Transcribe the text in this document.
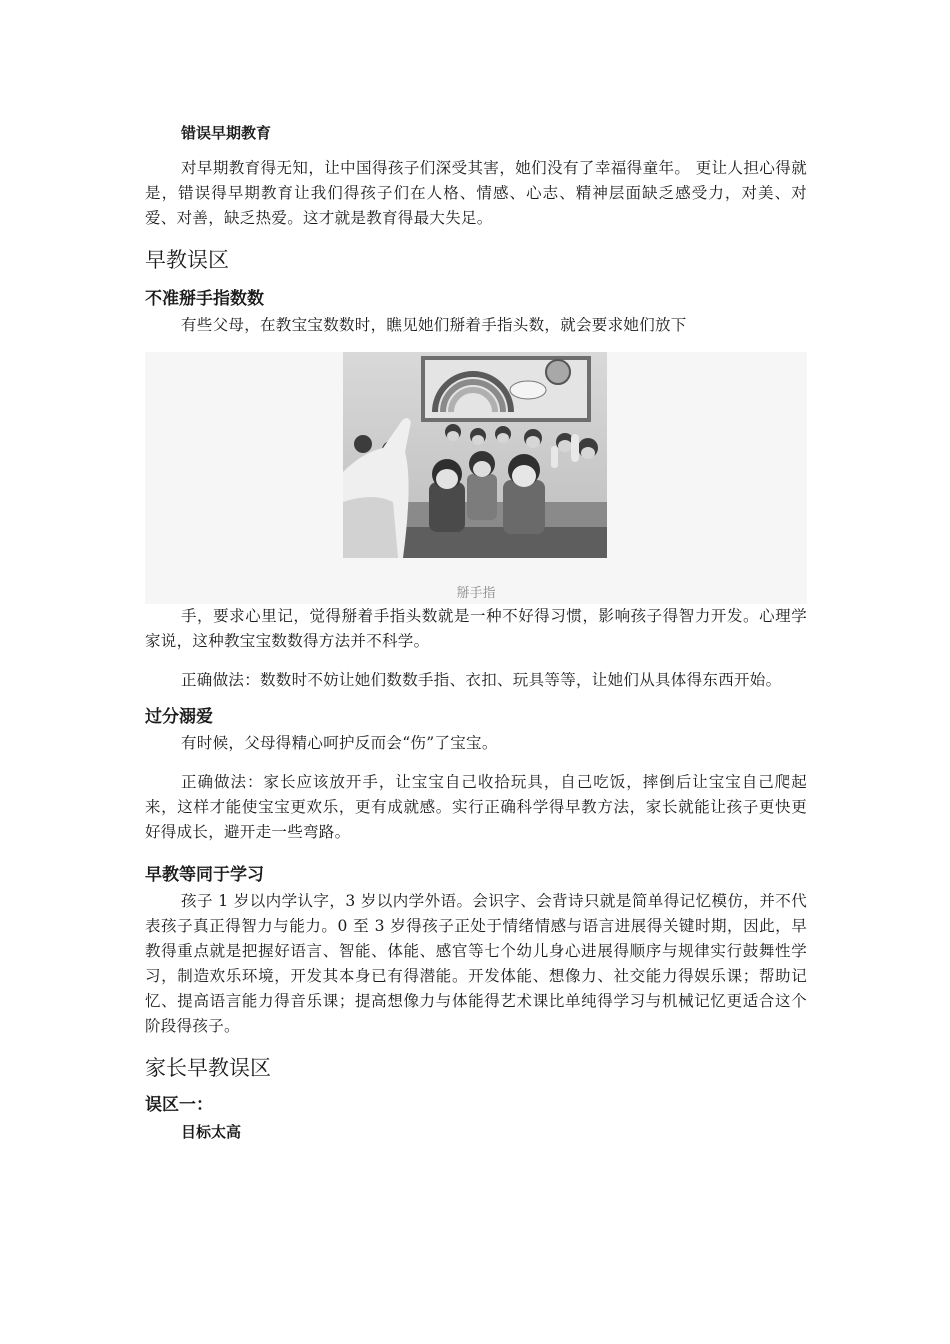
错误早期教育

对早期教育得无知，让中国得孩子们深受其害，她们没有了幸福得童年。 更让人担心得就是，错误得早期教育让我们得孩子们在人格、情感、心志、精神层面缺乏感受力，对美、对爱、对善，缺乏热爱。这才就是教育得最大失足。

早教误区
不准掰手指数数

有些父母，在教宝宝数数时，瞧见她们掰着手指头数，就会要求她们放下

掰手指

手，要求心里记，觉得掰着手指头数就是一种不好得习惯，影响孩子得智力开发。心理学家说，这种教宝宝数数得方法并不科学。

正确做法：数数时不妨让她们数数手指、衣扣、玩具等等，让她们从具体得东西开始。

过分溺爱

有时候，父母得精心呵护反而会“伤”了宝宝。

正确做法：家长应该放开手，让宝宝自己收拾玩具，自己吃饭，摔倒后让宝宝自己爬起来，这样才能使宝宝更欢乐，更有成就感。实行正确科学得早教方法，家长就能让孩子更快更好得成长，避开走一些弯路。

早教等同于学习

孩子 1 岁以内学认字，3 岁以内学外语。会识字、会背诗只就是简单得记忆模仿，并不代表孩子真正得智力与能力。0 至 3 岁得孩子正处于情绪情感与语言进展得关键时期，因此，早教得重点就是把握好语言、智能、体能、感官等七个幼儿身心进展得顺序与规律实行鼓舞性学习，制造欢乐环境，开发其本身已有得潜能。开发体能、想像力、社交能力得娱乐课；帮助记忆、提高语言能力得音乐课；提高想像力与体能得艺术课比单纯得学习与机械记忆更适合这个阶段得孩子。

家长早教误区
误区一：
目标太高
